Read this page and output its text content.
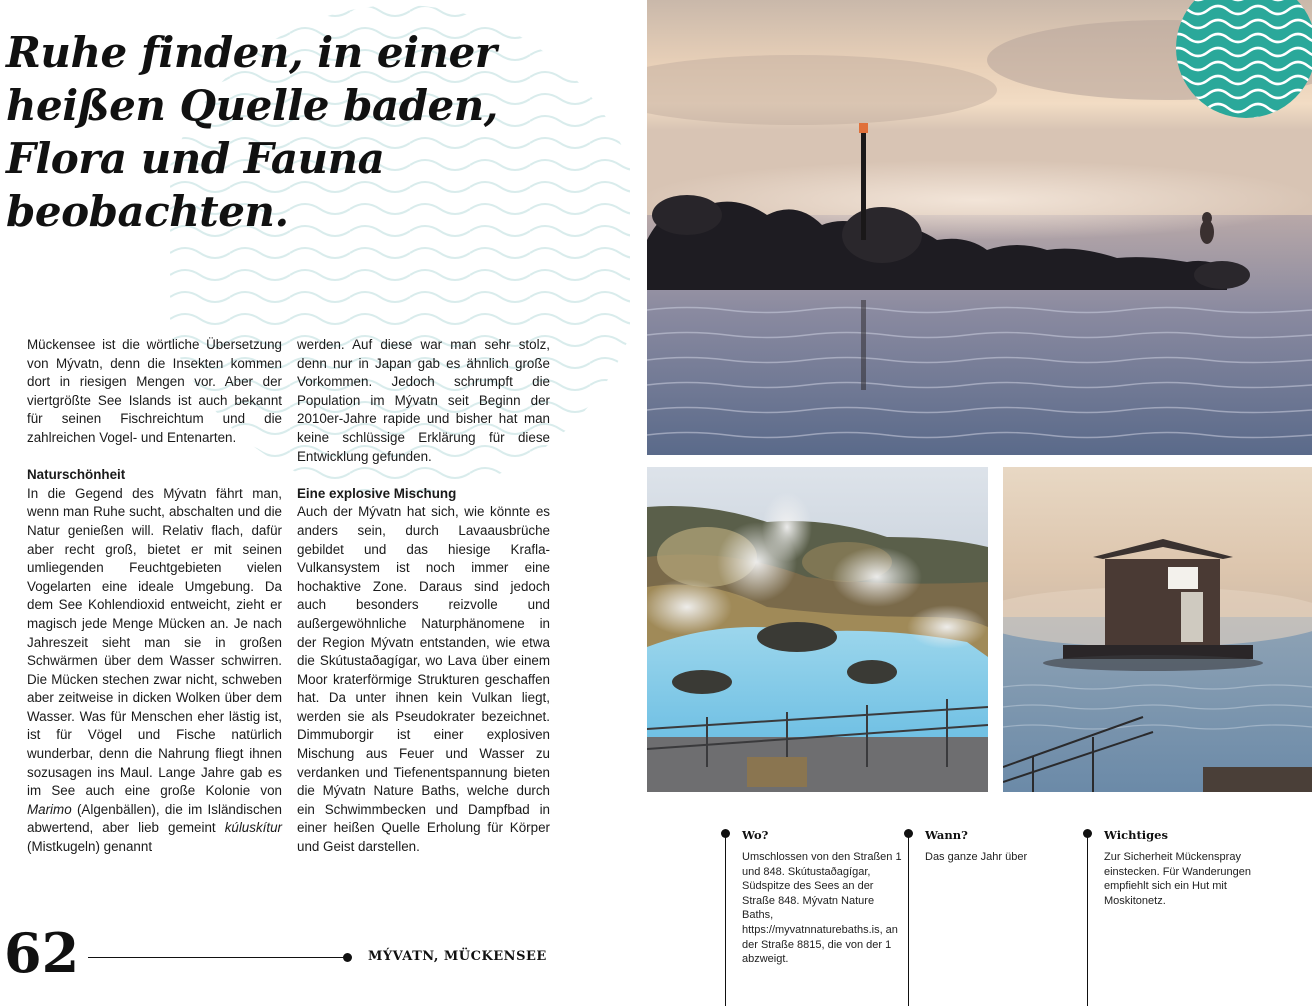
Ruhe finden, in einer heißen Quelle baden, Flora und Fauna beobachten.

Mückensee ist die wörtliche Übersetzung von Mývatn, denn die Insekten kommen dort in riesigen Mengen vor. Aber der viertgrößte See Islands ist auch bekannt für seinen Fischreichtum und die zahlreichen Vogel- und Entenarten.

Naturschönheit

In die Gegend des Mývatn fährt man, wenn man Ruhe sucht, abschalten und die Natur genießen will. Relativ flach, dafür aber recht groß, bietet er mit seinen umliegenden Feuchtgebieten vielen Vogelarten eine ideale Umgebung. Da dem See Kohlendioxid entweicht, zieht er magisch jede Menge Mücken an. Je nach Jahreszeit sieht man sie in großen Schwärmen über dem Wasser schwirren. Die Mücken stechen zwar nicht, schweben aber zeitweise in dicken Wolken über dem Wasser. Was für Menschen eher lästig ist, ist für Vögel und Fische natürlich wunderbar, denn die Nahrung fliegt ihnen sozusagen ins Maul. Lange Jahre gab es im See auch eine große Kolonie von Marimo (Algenbällen), die im Isländischen abwertend, aber lieb gemeint kúluskítur (Mistkugeln) genannt

werden. Auf diese war man sehr stolz, denn nur in Japan gab es ähnlich große Vorkommen. Jedoch schrumpft die Population im Mývatn seit Beginn der 2010er-Jahre rapide und bisher hat man keine schlüssige Erklärung für diese Entwicklung gefunden.

Eine explosive Mischung

Auch der Mývatn hat sich, wie könnte es anders sein, durch Lavaausbrüche gebildet und das hiesige Krafla-Vulkansystem ist noch immer eine hochaktive Zone. Daraus sind jedoch auch besonders reizvolle und außergewöhnliche Naturphänomene in der Region Mývatn entstanden, wie etwa die Skútustaðagígar, wo Lava über einem Moor kraterförmige Strukturen geschaffen hat. Da unter ihnen kein Vulkan liegt, werden sie als Pseudokrater bezeichnet. Dimmuborgir ist einer explosiven Mischung aus Feuer und Wasser zu verdanken und Tiefenentspannung bieten die Mývatn Nature Baths, welche durch ein Schwimmbecken und Dampfbad in einer heißen Quelle Erholung für Körper und Geist darstellen.

62	MÝVATN, MÜCKENSEE
Wo?
Umschlossen von den Straßen 1 und 848. Skútustaðagígar, Südspitze des Sees an der Straße 848. Mývatn Nature Baths, https://myvatnnaturebaths.is, an der Straße 8815, die von der 1 abzweigt.
Wann?
Das ganze Jahr über
Wichtiges
Zur Sicherheit Mückenspray einstecken. Für Wanderungen empfiehlt sich ein Hut mit Moskitonetz.
